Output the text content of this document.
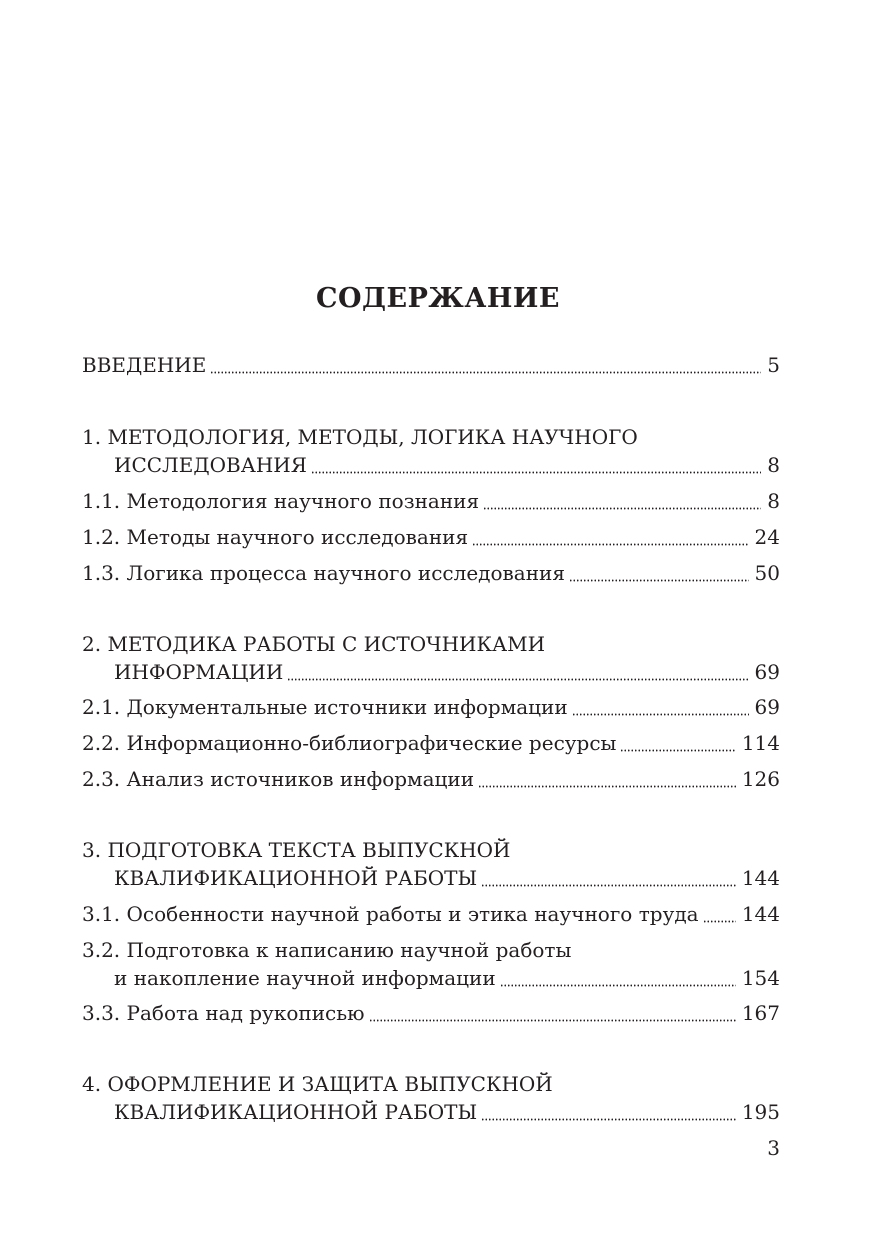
СОДЕРЖАНИЕ
ВВЕДЕНИЕ	5
1. МЕТОДОЛОГИЯ, МЕТОДЫ, ЛОГИКА НАУЧНОГО
ИССЛЕДОВАНИЯ	8
1.1. Методология научного познания	8
1.2. Методы научного исследования	24
1.3. Логика процесса научного исследования	50
2. МЕТОДИКА РАБОТЫ С ИСТОЧНИКАМИ
ИНФОРМАЦИИ	69
2.1. Документальные источники информации	69
2.2. Информационно-библиографические ресурсы	114
2.3. Анализ источников информации	126
3. ПОДГОТОВКА ТЕКСТА ВЫПУСКНОЙ
КВАЛИФИКАЦИОННОЙ РАБОТЫ	144
3.1. Особенности научной работы и этика научного труда 144
3.2. Подготовка к написанию научной работы
и накопление научной информации	154
3.3. Работа над рукописью	167
4. ОФОРМЛЕНИЕ И ЗАЩИТА ВЫПУСКНОЙ
КВАЛИФИКАЦИОННОЙ РАБОТЫ	195
3
